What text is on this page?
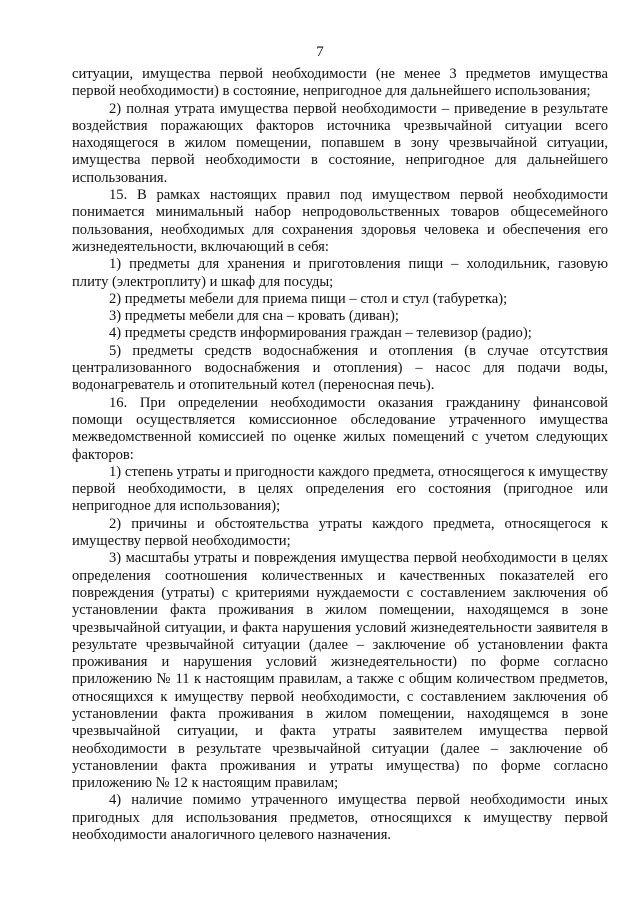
7

ситуации, имущества первой необходимости (не менее 3 предметов имущества первой необходимости) в состояние, непригодное для дальнейшего использования;

2) полная утрата имущества первой необходимости – приведение в результате воздействия поражающих факторов источника чрезвычайной ситуации всего находящегося в жилом помещении, попавшем в зону чрезвычайной ситуации, имущества первой необходимости в состояние, непригодное для дальнейшего использования.

15. В рамках настоящих правил под имуществом первой необходимости понимается минимальный набор непродовольственных товаров общесемейного пользования, необходимых для сохранения здоровья человека и обеспечения его жизнедеятельности, включающий в себя:

1) предметы для хранения и приготовления пищи – холодильник, газовую плиту (электроплиту) и шкаф для посуды;

2) предметы мебели для приема пищи – стол и стул (табуретка);

3) предметы мебели для сна – кровать (диван);

4) предметы средств информирования граждан – телевизор (радио);

5) предметы средств водоснабжения и отопления (в случае отсутствия централизованного водоснабжения и отопления) – насос для подачи воды, водонагреватель и отопительный котел (переносная печь).

16. При определении необходимости оказания гражданину финансовой помощи осуществляется комиссионное обследование утраченного имущества межведомственной комиссией по оценке жилых помещений с учетом следующих факторов:

1) степень утраты и пригодности каждого предмета, относящегося к имуществу первой необходимости, в целях определения его состояния (пригодное или непригодное для использования);

2) причины и обстоятельства утраты каждого предмета, относящегося к имуществу первой необходимости;

3) масштабы утраты и повреждения имущества первой необходимости в целях определения соотношения количественных и качественных показателей его повреждения (утраты) с критериями нуждаемости с составлением заключения об установлении факта проживания в жилом помещении, находящемся в зоне чрезвычайной ситуации, и факта нарушения условий жизнедеятельности заявителя в результате чрезвычайной ситуации (далее – заключение об установлении факта проживания и нарушения условий жизнедеятельности) по форме согласно приложению № 11 к настоящим правилам, а также с общим количеством предметов, относящихся к имуществу первой необходимости, с составлением заключения об установлении факта проживания в жилом помещении, находящемся в зоне чрезвычайной ситуации, и факта утраты заявителем имущества первой необходимости в результате чрезвычайной ситуации (далее – заключение об установлении факта проживания и утраты имущества) по форме согласно приложению № 12 к настоящим правилам;

4) наличие помимо утраченного имущества первой необходимости иных пригодных для использования предметов, относящихся к имуществу первой необходимости аналогичного целевого назначения.
